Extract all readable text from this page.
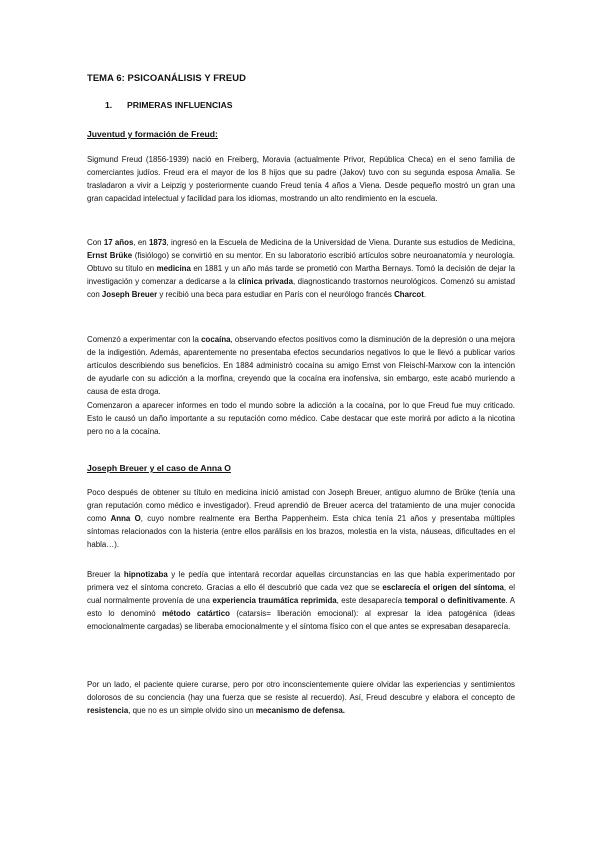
TEMA 6: PSICOANÁLISIS Y FREUD
1. PRIMERAS INFLUENCIAS
Juventud y formación de Freud:

Sigmund Freud (1856-1939) nació en Freiberg, Moravia (actualmente Privor, República Checa) en el seno familia de comerciantes judíos. Freud era el mayor de los 8 hijos que su padre (Jakov) tuvo con su segunda esposa Amalia. Se trasladaron a vivir a Leipzig y posteriormente cuando Freud tenía 4 años a Viena. Desde pequeño mostró un gran una gran capacidad intelectual y facilidad para los idiomas, mostrando un alto rendimiento en la escuela.

Con 17 años, en 1873, ingresó en la Escuela de Medicina de la Universidad de Viena. Durante sus estudios de Medicina, Ernst Brüke (fisiólogo) se convirtió en su mentor. En su laboratorio escribió artículos sobre neuroanatomía y neurología. Obtuvo su título en medicina en 1881 y un año más tarde se prometió con Martha Bernays. Tomó la decisión de dejar la investigación y comenzar a dedicarse a la clínica privada, diagnosticando trastornos neurológicos. Comenzó su amistad con Joseph Breuer y recibió una beca para estudiar en París con el neurólogo francés Charcot.

Comenzó a experimentar con la cocaína, observando efectos positivos como la disminución de la depresión o una mejora de la indigestión. Además, aparentemente no presentaba efectos secundarios negativos lo que le llevó a publicar varios artículos describiendo sus beneficios. En 1884 administró cocaína su amigo Ernst von Fleischl-Marxow con la intención de ayudarle con su adicción a la morfina, creyendo que la cocaína era inofensiva, sin embargo, este acabó muriendo a causa de esta droga.

Comenzaron a aparecer informes en todo el mundo sobre la adicción a la cocaína, por lo que Freud fue muy criticado. Esto le causó un daño importante a su reputación como médico. Cabe destacar que este morirá por adicto a la nicotina pero no a la cocaína.

Joseph Breuer y el caso de Anna O

Poco después de obtener su título en medicina inició amistad con Joseph Breuer, antiguo alumno de Brüke (tenía una gran reputación como médico e investigador). Freud aprendió de Breuer acerca del tratamiento de una mujer conocida como Anna O, cuyo nombre realmente era Bertha Pappenheim. Esta chica tenía 21 años y presentaba múltiples síntomas relacionados con la histeria (entre ellos parálisis en los brazos, molestia en la vista, náuseas, dificultades en el habla…).

Breuer la hipnotizaba y le pedía que intentará recordar aquellas circunstancias en las que había experimentado por primera vez el síntoma concreto. Gracias a ello él descubrió que cada vez que se esclarecía el origen del síntoma, el cual normalmente provenía de una experiencia traumática reprimida, este desaparecía temporal o definitivamente. A esto lo denominó método catártico (catarsis= liberación emocional): al expresar la idea patogénica (ideas emocionalmente cargadas) se liberaba emocionalmente y el síntoma físico con el que antes se expresaban desaparecía.

Por un lado, el paciente quiere curarse, pero por otro inconscientemente quiere olvidar las experiencias y sentimientos dolorosos de su conciencia (hay una fuerza que se resiste al recuerdo). Así, Freud descubre y elabora el concepto de resistencia, que no es un simple olvido sino un mecanismo de defensa.
